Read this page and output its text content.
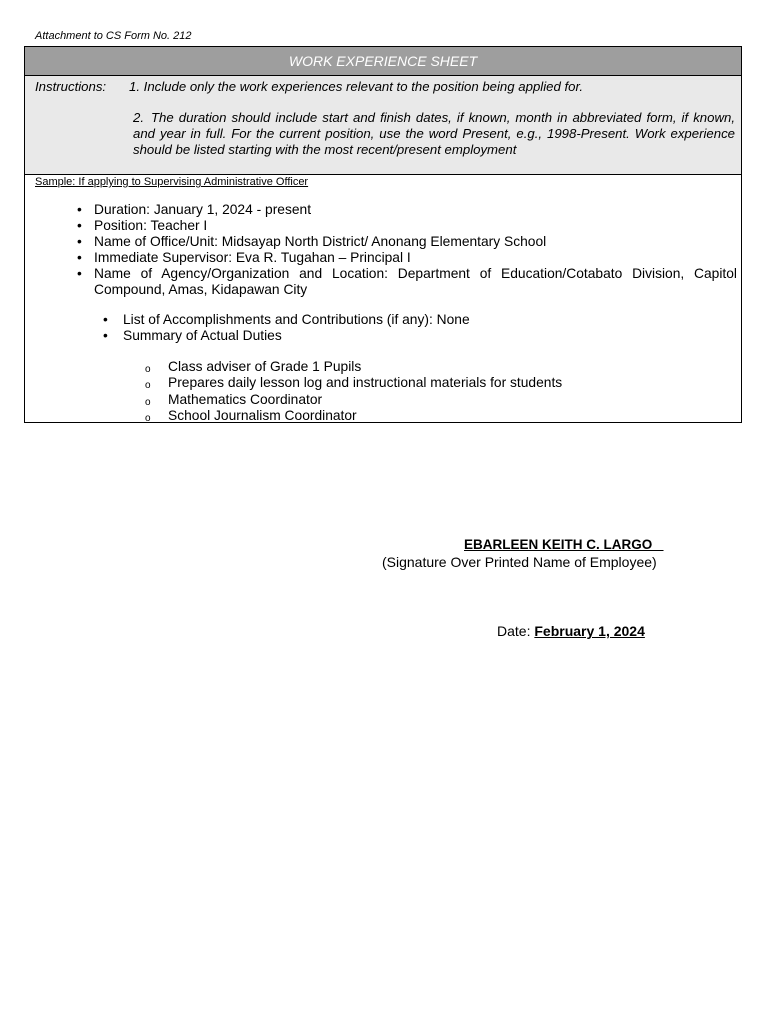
Attachment to CS Form No. 212
WORK EXPERIENCE SHEET
Instructions: 1. Include only the work experiences relevant to the position being applied for.
2. The duration should include start and finish dates, if known, month in abbreviated form, if known, and year in full. For the current position, use the word Present, e.g., 1998-Present. Work experience should be listed starting with the most recent/present employment
Sample: If applying to Supervising Administrative Officer
• Duration: January 1, 2024 - present
• Position: Teacher I
• Name of Office/Unit: Midsayap North District/ Anonang Elementary School
• Immediate Supervisor: Eva R. Tugahan – Principal I
• Name of Agency/Organization and Location: Department of Education/Cotabato Division, Capitol Compound, Amas, Kidapawan City
• List of Accomplishments and Contributions (if any): None
• Summary of Actual Duties
o Class adviser of Grade 1 Pupils
o Prepares daily lesson log and instructional materials for students
o Mathematics Coordinator
o School Journalism Coordinator
EBARLEEN KEITH C. LARGO
(Signature Over Printed Name of Employee)
Date: February 1, 2024
